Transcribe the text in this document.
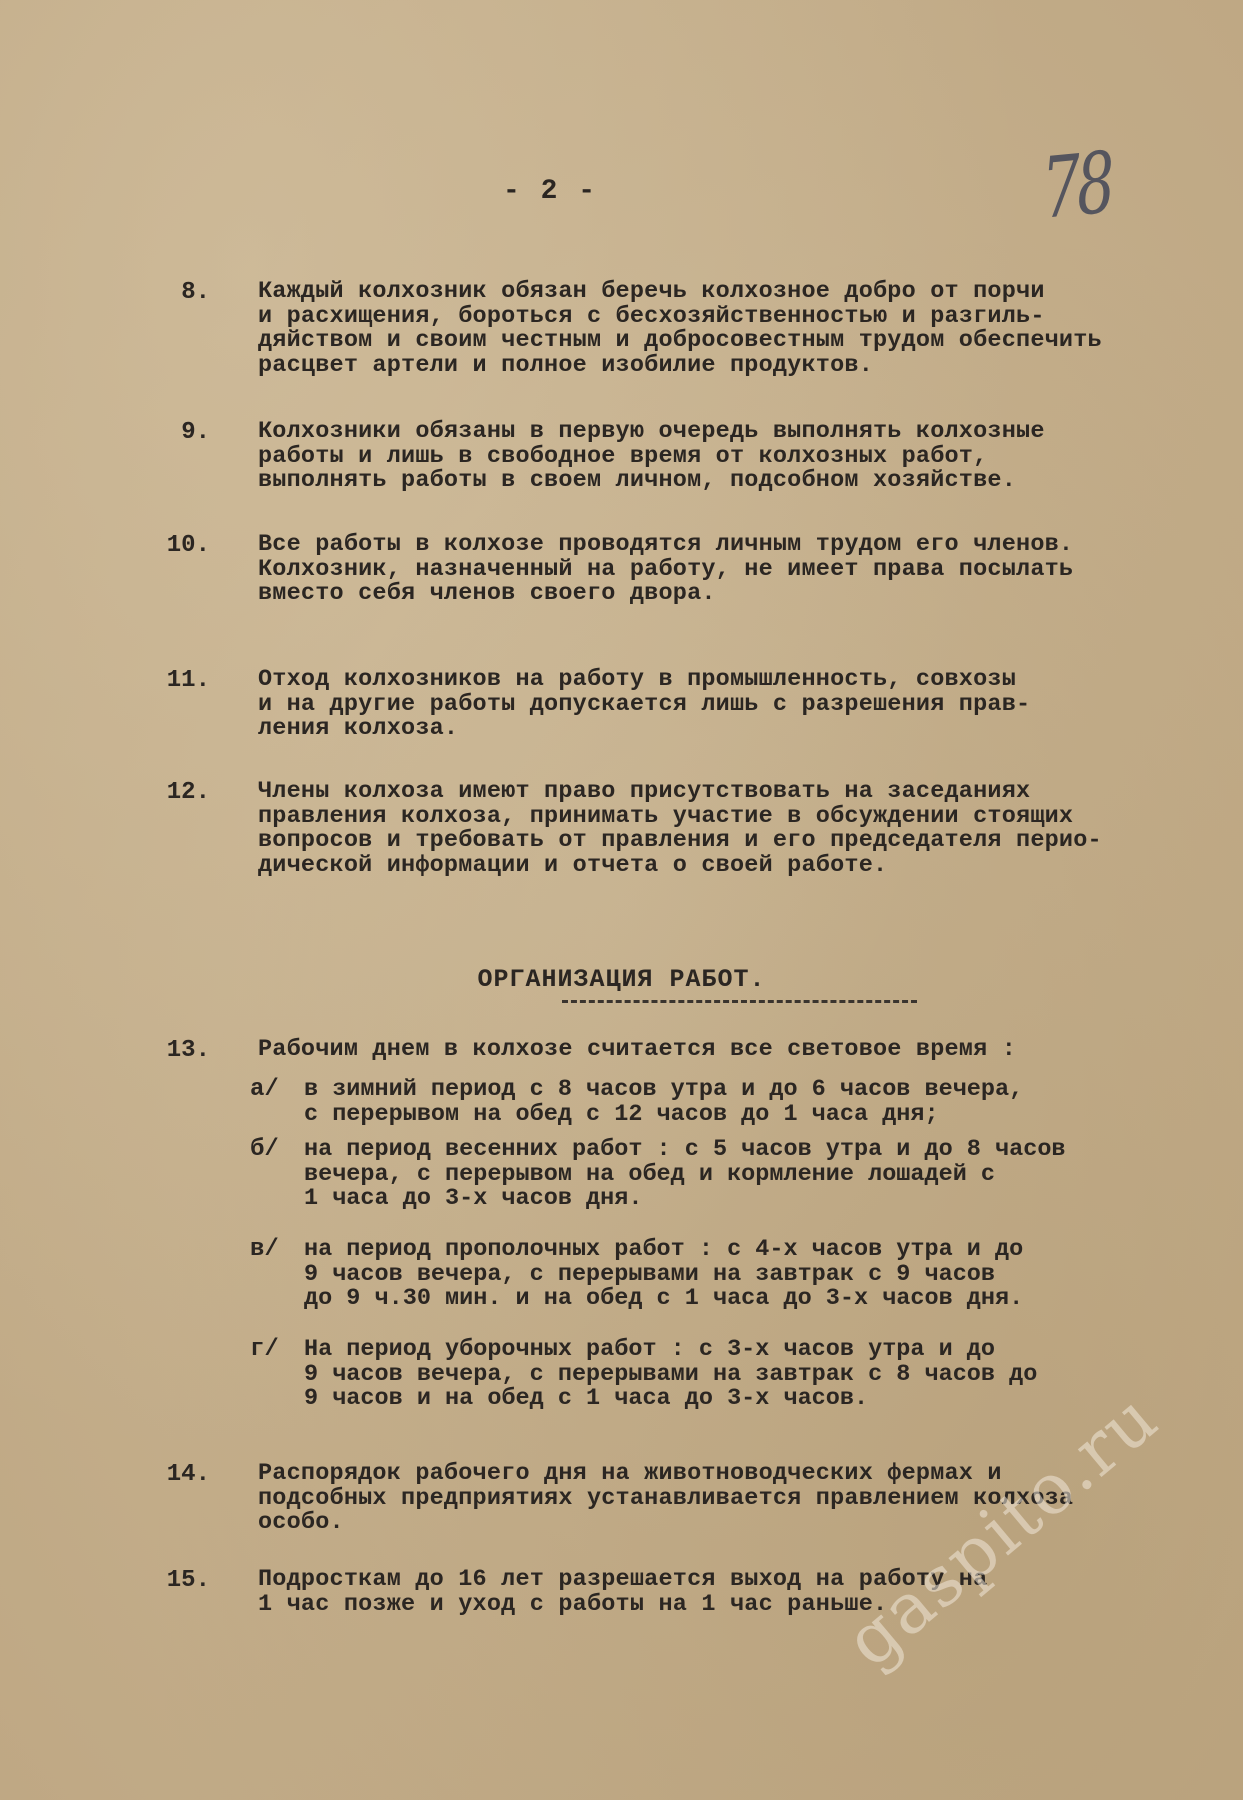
- 2 -	78
8. Каждый колхозник обязан беречь колхозное добро от порчи
и расхищения, бороться с бесхозяйственностью и разгиль-
дяйством и своим честным и добросовестным трудом обеспечить
расцвет артели и полное изобилие продуктов.
9. Колхозники обязаны в первую очередь выполнять колхозные
работы и лишь в свободное время от колхозных работ,
выполнять работы в своем личном, подсобном хозяйстве.
10. Все работы в колхозе проводятся личным трудом его членов.
Колхозник, назначенный на работу, не имеет права посылать
вместо себя членов своего двора.
11. Отход колхозников на работу в промышленность, совхозы
и на другие работы допускается лишь с разрешения прав-
ления колхоза.
12. Члены колхоза имеют право присутствовать на заседаниях
правления колхоза, принимать участие в обсуждении стоящих
вопросов и требовать от правления и его председателя перио-
дической информации и отчета о своей работе.
ОРГАНИЗАЦИЯ РАБОТ.
13. Рабочим днем в колхозе считается все световое время :
а/	в зимний период с 8 часов утра и до 6 часов вечера,
с перерывом на обед с 12 часов до 1 часа дня;
б/	на период весенних работ : с 5 часов утра и до 8 часов
вечера, с перерывом на обед и кормление лошадей с
1 часа до 3-х часов дня.
в/	на период прополочных работ : с 4-х часов утра и до
9 часов вечера, с перерывами на завтрак с 9 часов
до 9 ч.30 мин. и на обед с 1 часа до 3-х часов дня.
г/	На период уборочных работ : с 3-х часов утра и до
9 часов вечера, с перерывами на завтрак с 8 часов до
9 часов и на обед с 1 часа до 3-х часов.
14. Распорядок рабочего дня на животноводческих фермах и
подсобных предприятиях устанавливается правлением колхоза
особо.
15. Подросткам до 16 лет разрешается выход на работу на
1 час позже и уход с работы на 1 час раньше.
gaspito.ru
